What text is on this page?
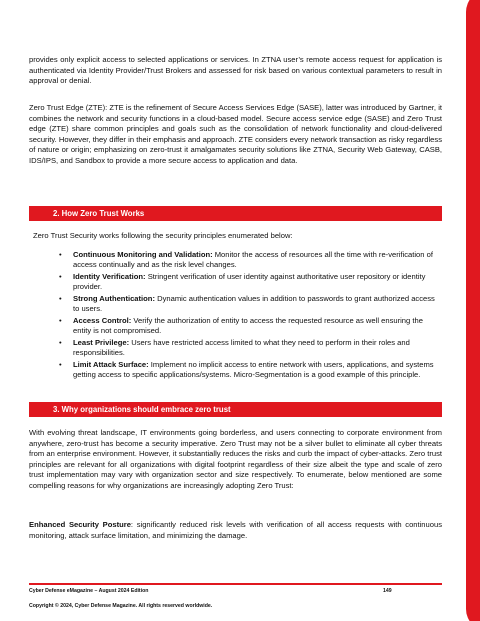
provides only explicit access to selected applications or services. In ZTNA user’s remote access request for application is authenticated via Identity Provider/Trust Brokers and assessed for risk based on various contextual parameters to result in approval or denial.

Zero Trust Edge (ZTE): ZTE is the refinement of Secure Access Services Edge (SASE), latter was introduced by Gartner, it combines the network and security functions in a cloud-based model. Secure access service edge (SASE) and Zero Trust edge (ZTE) share common principles and goals such as the consolidation of network functionality and cloud-delivered security. However, they differ in their emphasis and approach. ZTE considers every network transaction as risky regardless of nature or origin; emphasizing on zero-trust it amalgamates security solutions like ZTNA, Security Web Gateway, CASB, IDS/IPS, and Sandbox to provide a more secure access to application and data.

2. How Zero Trust Works

Zero Trust Security works following the security principles enumerated below:

• Continuous Monitoring and Validation: Monitor the access of resources all the time with re-verification of access continually and as the risk level changes.
• Identity Verification: Stringent verification of user identity against authoritative user repository or identity provider.
• Strong Authentication: Dynamic authentication values in addition to passwords to grant authorized access to users.
• Access Control: Verify the authorization of entity to access the requested resource as well ensuring the entity is not compromised.
• Least Privilege: Users have restricted access limited to what they need to perform in their roles and responsibilities.
• Limit Attack Surface: Implement no implicit access to entire network with users, applications, and systems getting access to specific applications/systems. Micro-Segmentation is a good example of this principle.
3. Why organizations should embrace zero trust

With evolving threat landscape, IT environments going borderless, and users connecting to corporate environment from anywhere, zero-trust has become a security imperative. Zero Trust may not be a silver bullet to eliminate all cyber threats from an enterprise environment. However, it substantially reduces the risks and curb the impact of cyber-attacks. Zero trust principles are relevant for all organizations with digital footprint regardless of their size albeit the type and scale of zero trust implementation may vary with organization sector and size respectively. To enumerate, below mentioned are some compelling reasons for why organizations are increasingly adopting Zero Trust:

Enhanced Security Posture: significantly reduced risk levels with verification of all access requests with continuous monitoring, attack surface limitation, and minimizing the damage.

Cyber Defense eMagazine – August 2024 Edition	149
Copyright © 2024, Cyber Defense Magazine. All rights reserved worldwide.
